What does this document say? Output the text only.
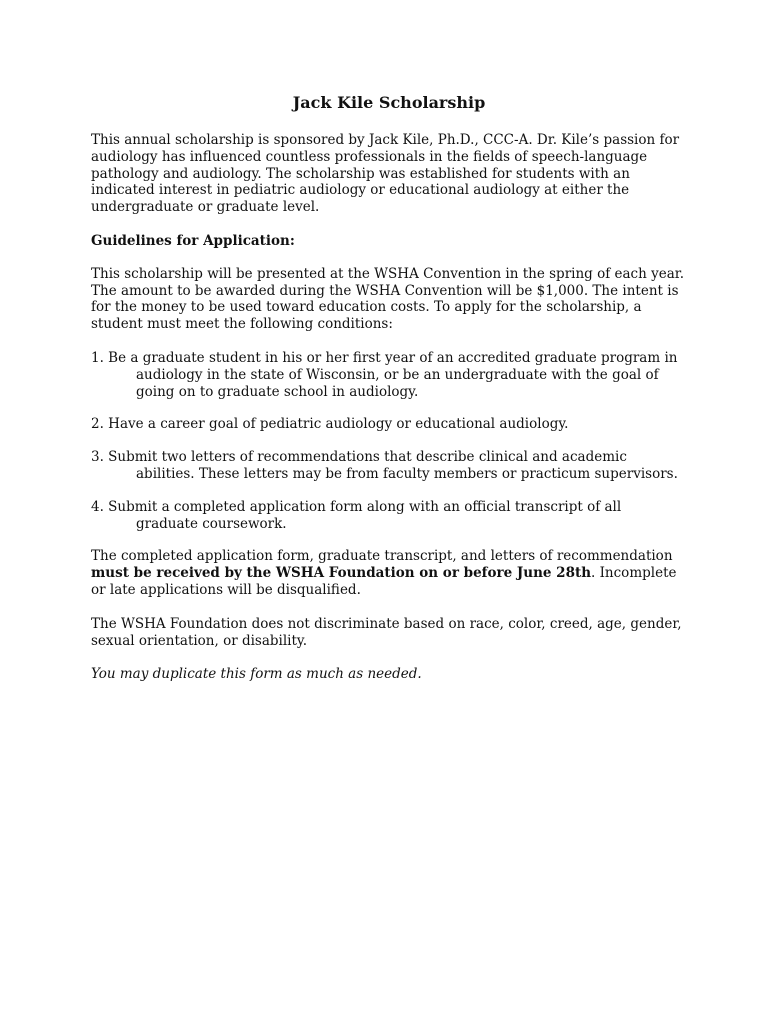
Jack Kile Scholarship

This annual scholarship is sponsored by Jack Kile, Ph.D., CCC-A. Dr. Kile’s passion for audiology has influenced countless professionals in the fields of speech-language pathology and audiology. The scholarship was established for students with an indicated interest in pediatric audiology or educational audiology at either the undergraduate or graduate level.

Guidelines for Application:

This scholarship will be presented at the WSHA Convention in the spring of each year. The amount to be awarded during the WSHA Convention will be $1,000. The intent is for the money to be used toward education costs. To apply for the scholarship, a student must meet the following conditions:

1. Be a graduate student in his or her first year of an accredited graduate program in audiology in the state of Wisconsin, or be an undergraduate with the goal of going on to graduate school in audiology.

2. Have a career goal of pediatric audiology or educational audiology.

3. Submit two letters of recommendations that describe clinical and academic abilities. These letters may be from faculty members or practicum supervisors.

4. Submit a completed application form along with an official transcript of all graduate coursework.

The completed application form, graduate transcript, and letters of recommendation must be received by the WSHA Foundation on or before June 28th. Incomplete or late applications will be disqualified.

The WSHA Foundation does not discriminate based on race, color, creed, age, gender, sexual orientation, or disability.

You may duplicate this form as much as needed.
